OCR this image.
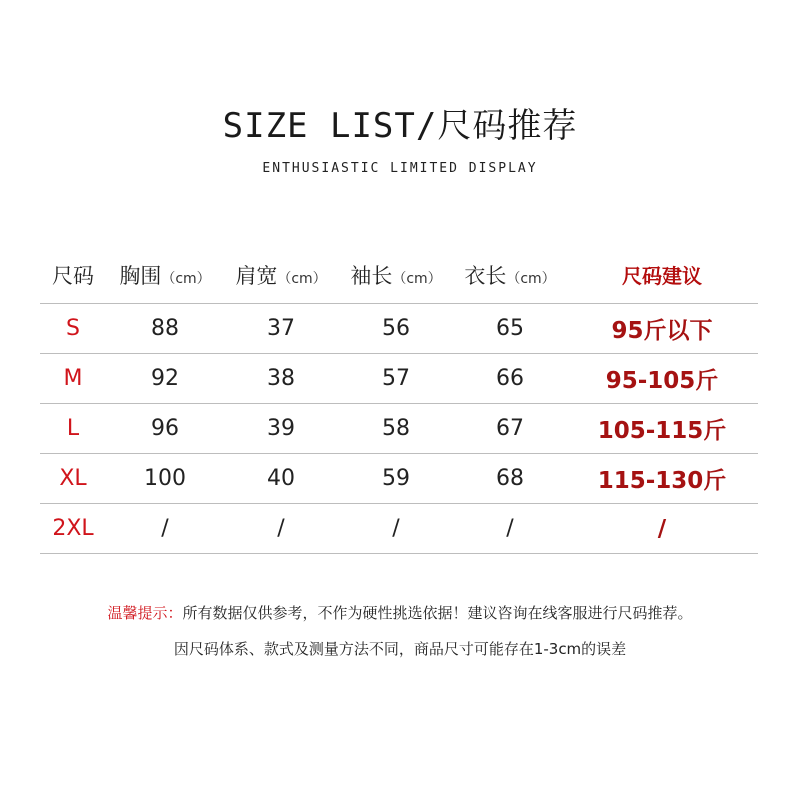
SIZE LIST/尺码推荐
ENTHUSIASTIC LIMITED DISPLAY
尺码	胸围（cm）	肩宽（cm）	袖长（cm）	衣长（cm）	尺码建议
S	88	37	56	65	95斤以下
M	92	38	57	66	95-105斤
L	96	39	58	67	105-115斤
XL	100	40	59	68	115-130斤
2XL	/	/	/	/	/
温馨提示：所有数据仅供参考，不作为硬性挑选依据！建议咨询在线客服进行尺码推荐。
因尺码体系、款式及测量方法不同，商品尺寸可能存在1-3cm的误差
